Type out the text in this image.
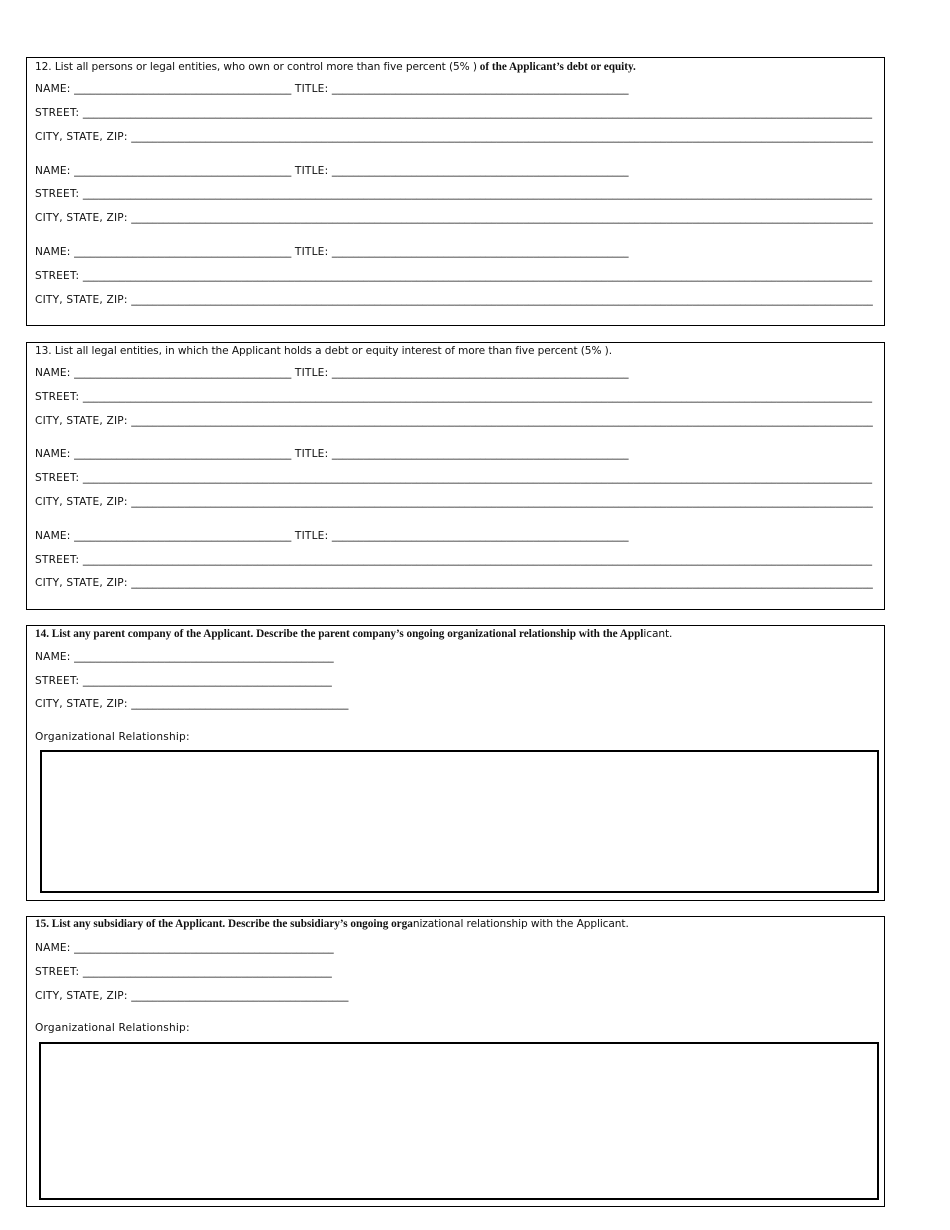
12. List all persons or legal entities, who own or control more than five percent (5% ) of the Applicant’s debt or equity.
NAME: _________________________________________ TITLE: ________________________________________________________
STREET: _____________________________________________________________________________________________________________________________________________________
CITY, STATE, ZIP: ____________________________________________________________________________________________________________________________________________
NAME: _________________________________________ TITLE: ________________________________________________________
STREET: _____________________________________________________________________________________________________________________________________________________
CITY, STATE, ZIP: ____________________________________________________________________________________________________________________________________________
NAME: _________________________________________ TITLE: ________________________________________________________
STREET: _____________________________________________________________________________________________________________________________________________________
CITY, STATE, ZIP: ____________________________________________________________________________________________________________________________________________
13. List all legal entities, in which the Applicant holds a debt or equity interest of more than five percent (5% ).
NAME: _________________________________________ TITLE: ________________________________________________________
STREET: _____________________________________________________________________________________________________________________________________________________
CITY, STATE, ZIP: ____________________________________________________________________________________________________________________________________________
NAME: _________________________________________ TITLE: ________________________________________________________
STREET: _____________________________________________________________________________________________________________________________________________________
CITY, STATE, ZIP: ____________________________________________________________________________________________________________________________________________
NAME: _________________________________________ TITLE: ________________________________________________________
STREET: _____________________________________________________________________________________________________________________________________________________
CITY, STATE, ZIP: ____________________________________________________________________________________________________________________________________________
14. List any parent company of the Applicant. Describe the parent company’s ongoing organizational relationship with the Applicant.
NAME: _________________________________________________
STREET: _______________________________________________
CITY, STATE, ZIP: _________________________________________
Organizational Relationship:
15. List any subsidiary of the Applicant. Describe the subsidiary’s ongoing organizational relationship with the Applicant.
NAME: _________________________________________________
STREET: _______________________________________________
CITY, STATE, ZIP: _________________________________________
Organizational Relationship:
